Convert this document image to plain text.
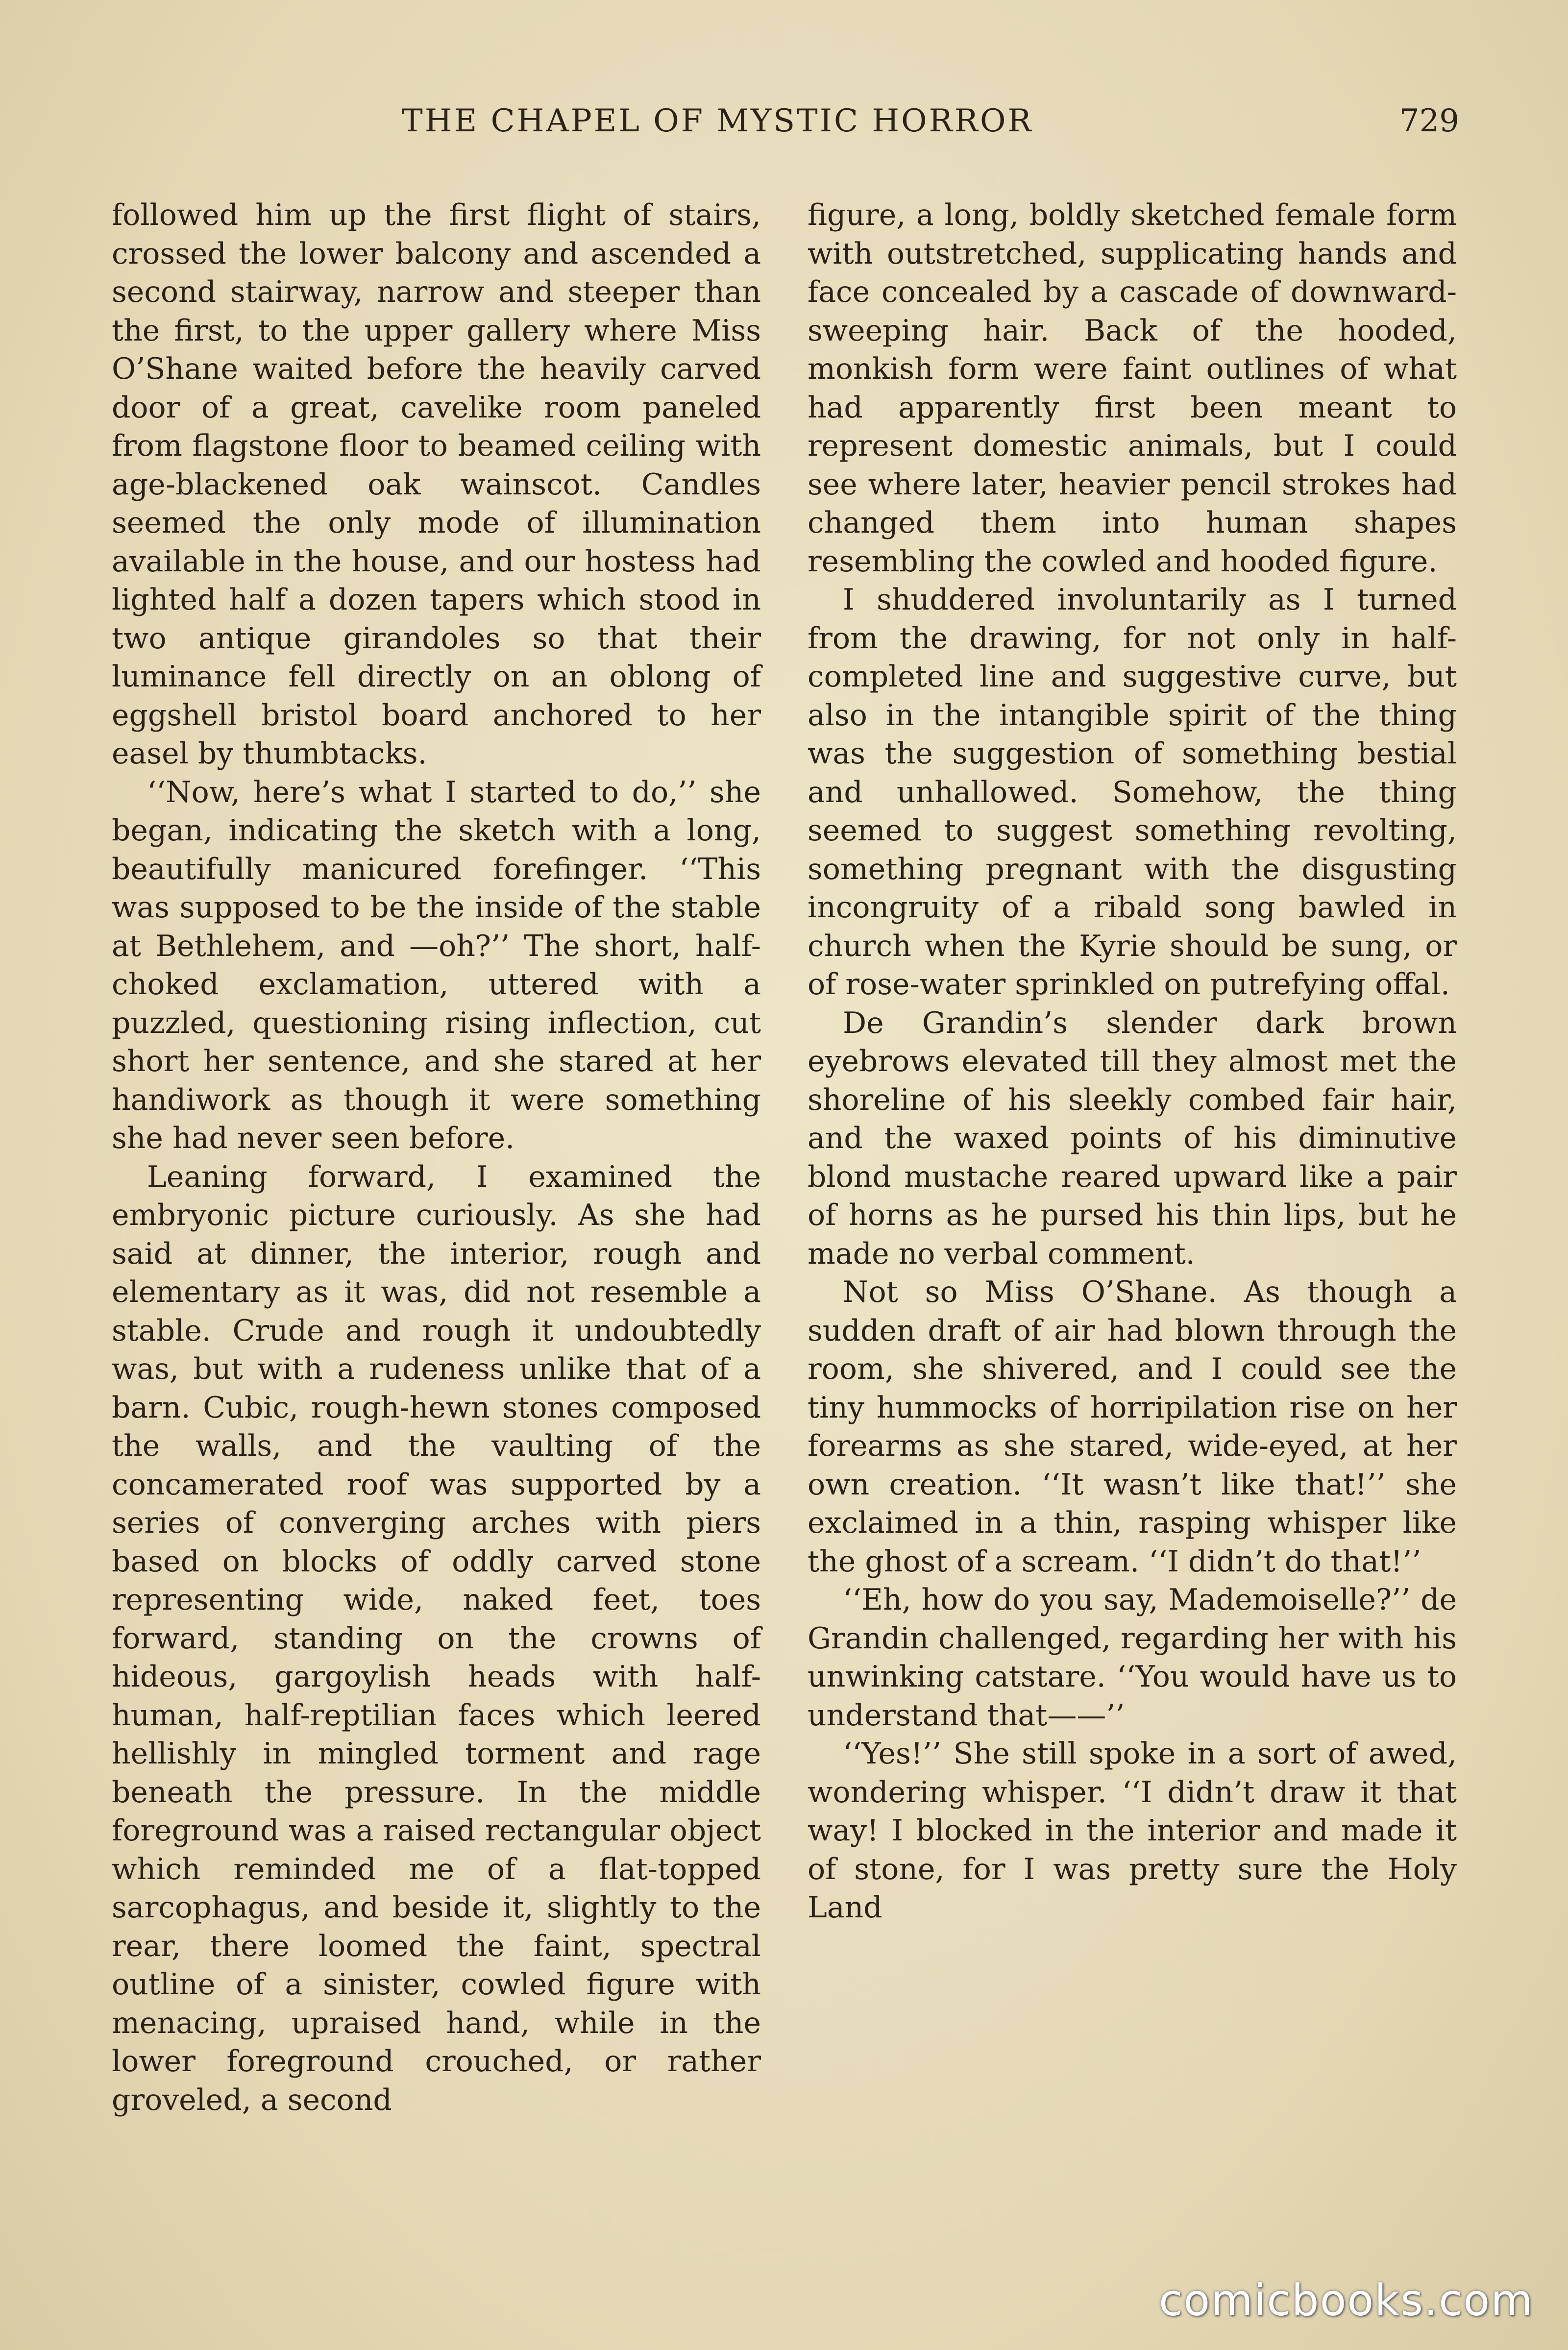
THE CHAPEL OF MYSTIC HORROR	729

followed him up the first flight of stairs, crossed the lower balcony and ascended a second stairway, narrow and steeper than the first, to the upper gallery where Miss O’Shane waited before the heavily carved door of a great, cavelike room paneled from flagstone floor to beamed ceiling with age-blackened oak wainscot. Candles seemed the only mode of illumination available in the house, and our hostess had lighted half a dozen tapers which stood in two antique girandoles so that their luminance fell directly on an oblong of eggshell bristol board anchored to her easel by thumbtacks.

‘‘Now, here’s what I started to do,’’ she began, indicating the sketch with a long, beautifully manicured forefinger. ‘‘This was supposed to be the inside of the stable at Bethlehem, and —oh?’’ The short, half-choked exclamation, uttered with a puzzled, questioning rising inflection, cut short her sentence, and she stared at her handiwork as though it were something she had never seen before.

Leaning forward, I examined the embryonic picture curiously. As she had said at dinner, the interior, rough and elementary as it was, did not resemble a stable. Crude and rough it undoubtedly was, but with a rudeness unlike that of a barn. Cubic, rough-hewn stones composed the walls, and the vaulting of the concamerated roof was supported by a series of converging arches with piers based on blocks of oddly carved stone representing wide, naked feet, toes forward, standing on the crowns of hideous, gargoylish heads with half-human, half-reptilian faces which leered hellishly in mingled torment and rage beneath the pressure. In the middle foreground was a raised rectangular object which reminded me of a flat-topped sarcophagus, and beside it, slightly to the rear, there loomed the faint, spectral outline of a sinister, cowled figure with menacing, upraised hand, while in the lower foreground crouched, or rather groveled, a second

figure, a long, boldly sketched female form with outstretched, supplicating hands and face concealed by a cascade of downward-sweeping hair. Back of the hooded, monkish form were faint outlines of what had apparently first been meant to represent domestic animals, but I could see where later, heavier pencil strokes had changed them into human shapes resembling the cowled and hooded figure.

I shuddered involuntarily as I turned from the drawing, for not only in half-completed line and suggestive curve, but also in the intangible spirit of the thing was the suggestion of something bestial and unhallowed. Somehow, the thing seemed to suggest something revolting, something pregnant with the disgusting incongruity of a ribald song bawled in church when the Kyrie should be sung, or of rose-water sprinkled on putrefying offal.

De Grandin’s slender dark brown eyebrows elevated till they almost met the shoreline of his sleekly combed fair hair, and the waxed points of his diminutive blond mustache reared upward like a pair of horns as he pursed his thin lips, but he made no verbal comment.

Not so Miss O’Shane. As though a sudden draft of air had blown through the room, she shivered, and I could see the tiny hummocks of horripilation rise on her forearms as she stared, wide-eyed, at her own creation. ‘‘It wasn’t like that!’’ she exclaimed in a thin, rasping whisper like the ghost of a scream. ‘‘I didn’t do that!’’

‘‘Eh, how do you say, Mademoiselle?’’ de Grandin challenged, regarding her with his unwinking catstare. ‘‘You would have us to understand that——’’

‘‘Yes!’’ She still spoke in a sort of awed, wondering whisper. ‘‘I didn’t draw it that way! I blocked in the interior and made it of stone, for I was pretty sure the Holy Land

comicbooks.com
